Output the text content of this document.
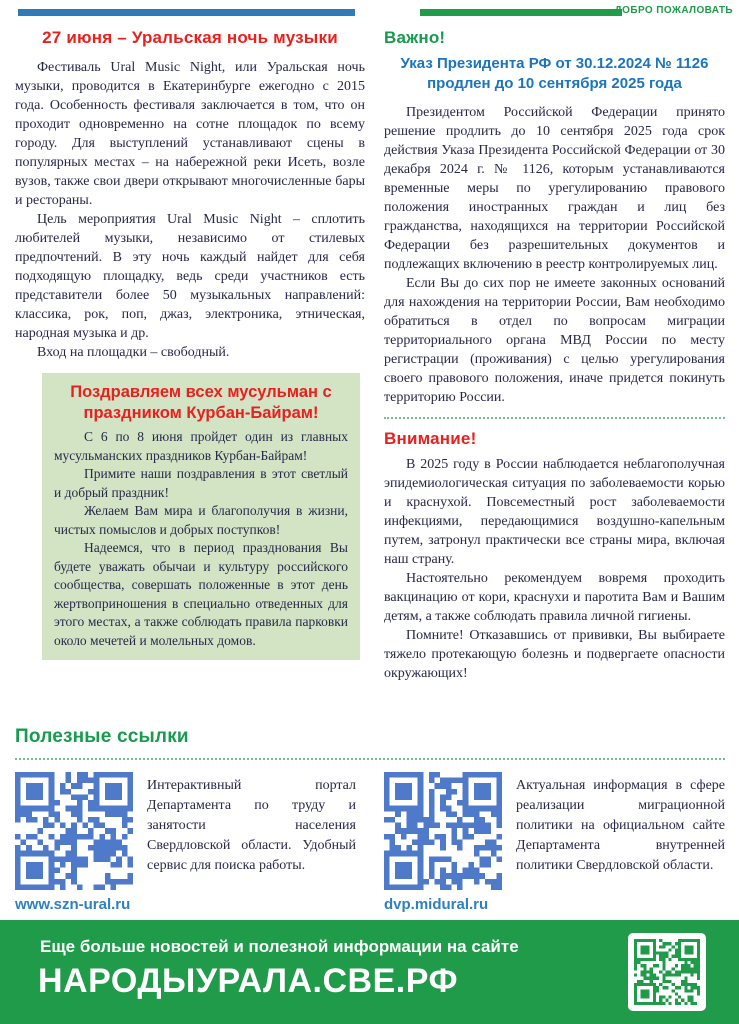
ДОБРО ПОЖАЛОВАТЬ
27 июня – Уральская ночь музыки

Фестиваль Ural Music Night, или Уральская ночь музыки, проводится в Екатеринбурге ежегодно с 2015 года. Особенность фестиваля заключается в том, что он проходит одновременно на сотне площадок по всему городу. Для выступлений устанавливают сцены в популярных местах – на набережной реки Исеть, возле вузов, также свои двери открывают многочисленные бары и рестораны.

Цель мероприятия Ural Music Night – сплотить любителей музыки, независимо от стилевых предпочтений. В эту ночь каждый найдет для себя подходящую площадку, ведь среди участников есть представители более 50 музыкальных направлений: классика, рок, поп, джаз, электроника, этническая, народная музыка и др.

Вход на площадки – свободный.

Поздравляем всех мусульман с праздником Курбан-Байрам!

С 6 по 8 июня пройдет один из главных мусульманских праздников Курбан-Байрам!

Примите наши поздравления в этот светлый и добрый праздник!

Желаем Вам мира и благополучия в жизни, чистых помыслов и добрых поступков!

Надеемся, что в период празднования Вы будете уважать обычаи и культуру российского сообщества, совершать положенные в этот день жертвоприношения в специально отведенных для этого местах, а также соблюдать правила парковки около мечетей и молельных домов.

Важно!
Указ Президента РФ от 30.12.2024 № 1126 продлен до 10 сентября 2025 года

Президентом Российской Федерации принято решение продлить до 10 сентября 2025 года срок действия Указа Президента Российской Федерации от 30 декабря 2024 г. № 1126, которым устанавливаются временные меры по урегулированию правового положения иностранных граждан и лиц без гражданства, находящихся на территории Российской Федерации без разрешительных документов и подлежащих включению в реестр контролируемых лиц.

Если Вы до сих пор не имеете законных оснований для нахождения на территории России, Вам необходимо обратиться в отдел по вопросам миграции территориального органа МВД России по месту регистрации (проживания) с целью урегулирования своего правового положения, иначе придется покинуть территорию России.

Внимание!

В 2025 году в России наблюдается неблагополучная эпидемиологическая ситуация по заболеваемости корью и краснухой. Повсеместный рост заболеваемости инфекциями, передающимися воздушно-капельным путем, затронул практически все страны мира, включая наш страну.

Настоятельно рекомендуем вовремя проходить вакцинацию от кори, краснухи и паротита Вам и Вашим детям, а также соблюдать правила личной гигиены.

Помните! Отказавшись от прививки, Вы выбираете тяжело протекающую болезнь и подвергаете опасности окружающих!

Полезные ссылки
Интерактивный портал Департамента по труду и занятости населения Свердловской области. Удобный сервис для поиска работы.
www.szn-ural.ru
Актуальная информация в сфере реализации миграционной политики на официальном сайте Департамента внутренней политики Свердловской области.
dvp.midural.ru
Еще больше новостей и полезной информации на сайте
НАРОДЫУРАЛА.СВЕ.РФ
